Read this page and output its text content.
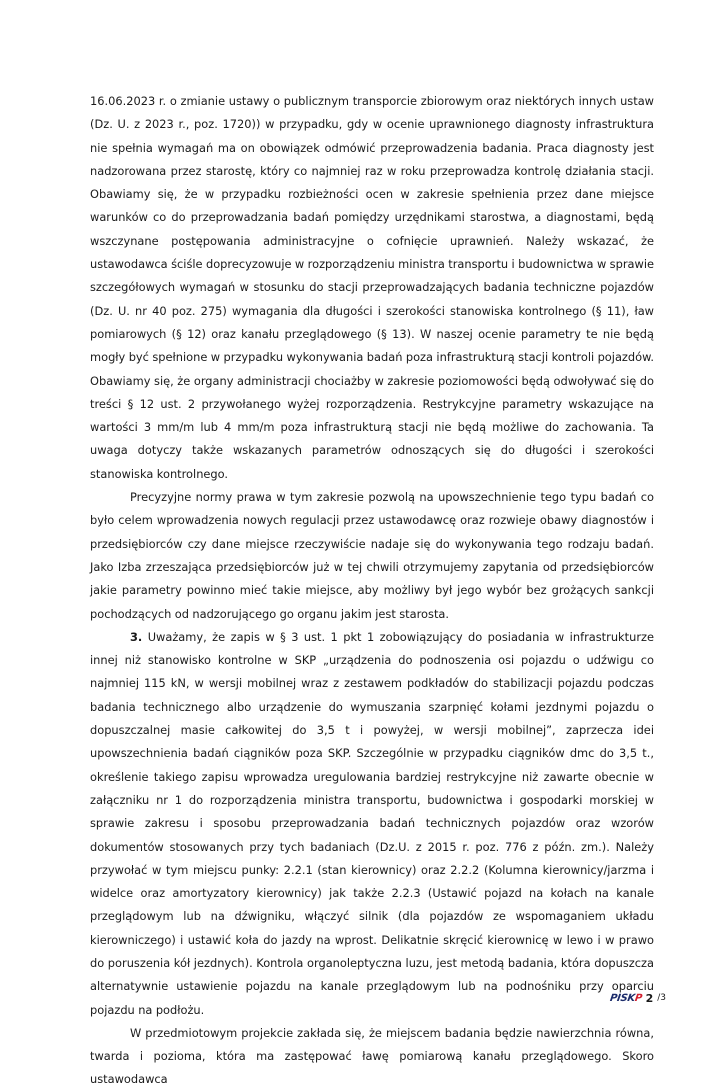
16.06.2023 r. o zmianie ustawy o publicznym transporcie zbiorowym oraz niektórych innych ustaw (Dz. U. z 2023 r., poz. 1720)) w przypadku, gdy w ocenie uprawnionego diagnosty infrastruktura nie spełnia wymagań ma on obowiązek odmówić przeprowadzenia badania. Praca diagnosty jest nadzorowana przez starostę, który co najmniej raz w roku przeprowadza kontrolę działania stacji. Obawiamy się, że w przypadku rozbieżności ocen w zakresie spełnienia przez dane miejsce warunków co do przeprowadzania badań pomiędzy urzędnikami starostwa, a diagnostami, będą wszczynane postępowania administracyjne o cofnięcie uprawnień. Należy wskazać, że ustawodawca ściśle doprecyzowuje w rozporządzeniu ministra transportu i budownictwa w sprawie szczegółowych wymagań w stosunku do stacji przeprowadzających badania techniczne pojazdów (Dz. U. nr 40 poz. 275) wymagania dla długości i szerokości stanowiska kontrolnego (§ 11), ław pomiarowych (§ 12) oraz kanału przeglądowego (§ 13). W naszej ocenie parametry te nie będą mogły być spełnione w przypadku wykonywania badań poza infrastrukturą stacji kontroli pojazdów. Obawiamy się, że organy administracji chociażby w zakresie poziomowości będą odwoływać się do treści § 12 ust. 2 przywołanego wyżej rozporządzenia. Restrykcyjne parametry wskazujące na wartości 3 mm/m lub 4 mm/m poza infrastrukturą stacji nie będą możliwe do zachowania. Ta uwaga dotyczy także wskazanych parametrów odnoszących się do długości i szerokości stanowiska kontrolnego.

Precyzyjne normy prawa w tym zakresie pozwolą na upowszechnienie tego typu badań co było celem wprowadzenia nowych regulacji przez ustawodawcę oraz rozwieje obawy diagnostów i przedsiębiorców czy dane miejsce rzeczywiście nadaje się do wykonywania tego rodzaju badań. Jako Izba zrzeszająca przedsiębiorców już w tej chwili otrzymujemy zapytania od przedsiębiorców jakie parametry powinno mieć takie miejsce, aby możliwy był jego wybór bez grożących sankcji pochodzących od nadzorującego go organu jakim jest starosta.

3. Uważamy, że zapis w § 3 ust. 1 pkt 1 zobowiązujący do posiadania w infrastrukturze innej niż stanowisko kontrolne w SKP „urządzenia do podnoszenia osi pojazdu o udźwigu co najmniej 115 kN, w wersji mobilnej wraz z zestawem podkładów do stabilizacji pojazdu podczas badania technicznego albo urządzenie do wymuszania szarpnięć kołami jezdnymi pojazdu o dopuszczalnej masie całkowitej do 3,5 t i powyżej, w wersji mobilnej”, zaprzecza idei upowszechnienia badań ciągników poza SKP. Szczególnie w przypadku ciągników dmc do 3,5 t., określenie takiego zapisu wprowadza uregulowania bardziej restrykcyjne niż zawarte obecnie w załączniku nr 1 do rozporządzenia ministra transportu, budownictwa i gospodarki morskiej w sprawie zakresu i sposobu przeprowadzania badań technicznych pojazdów oraz wzorów dokumentów stosowanych przy tych badaniach (Dz.U. z 2015 r. poz. 776 z późn. zm.). Należy przywołać w tym miejscu punky: 2.2.1 (stan kierownicy) oraz 2.2.2 (Kolumna kierownicy/jarzma i widelce oraz amortyzatory kierownicy) jak także 2.2.3 (Ustawić pojazd na kołach na kanale przeglądowym lub na dźwigniku, włączyć silnik (dla pojazdów ze wspomaganiem układu kierowniczego) i ustawić koła do jazdy na wprost. Delikatnie skręcić kierownicę w lewo i w prawo do poruszenia kół jezdnych). Kontrola organoleptyczna luzu, jest metodą badania, która dopuszcza alternatywnie ustawienie pojazdu na kanale przeglądowym lub na podnośniku przy oparciu pojazdu na podłożu.

W przedmiotowym projekcie zakłada się, że miejscem badania będzie nawierzchnia równa, twarda i pozioma, która ma zastępować ławę pomiarową kanału przeglądowego. Skoro ustawodawca

PISKP 2 /3
